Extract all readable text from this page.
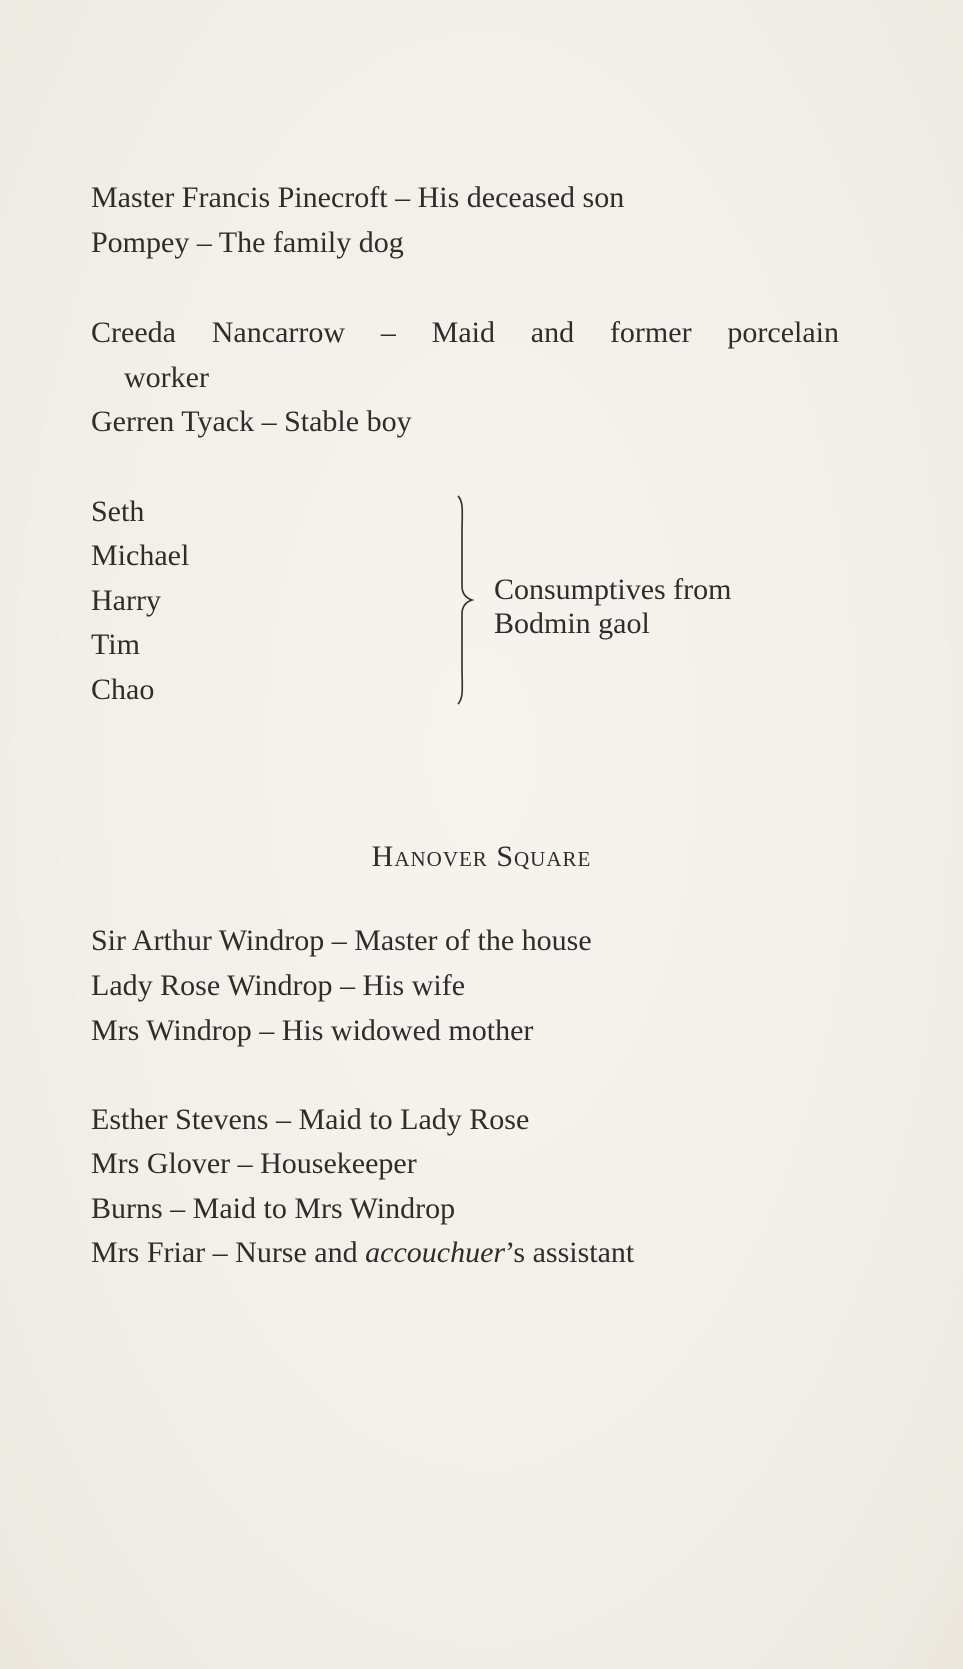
Master Francis Pinecroft – His deceased son
Pompey – The family dog
Creeda Nancarrow – Maid and former porcelain
worker
Gerren Tyack – Stable boy
Seth
Michael
Harry
Tim
Chao
Consumptives from
Bodmin gaol
Hanover Square
Sir Arthur Windrop – Master of the house
Lady Rose Windrop – His wife
Mrs Windrop – His widowed mother
Esther Stevens – Maid to Lady Rose
Mrs Glover – Housekeeper
Burns – Maid to Mrs Windrop
Mrs Friar – Nurse and accouchuer’s assistant
